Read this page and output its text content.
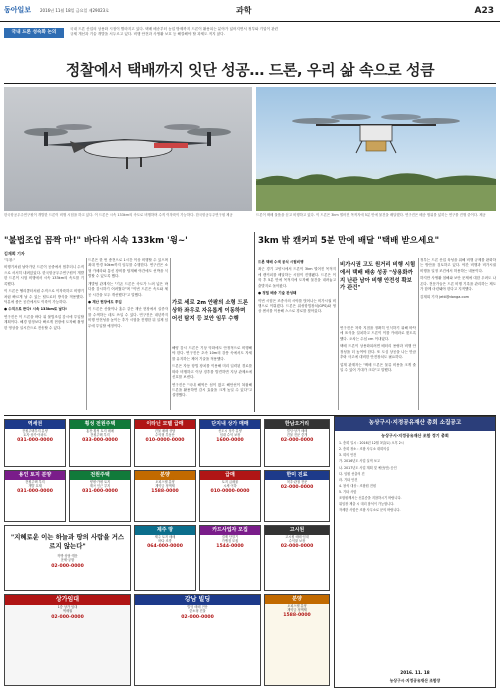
동아일보 2016년 11월 18일 금요일 제29023호	과학	A23
국내 드론 성숙화 논의
국내 드론 산업의 상용화 시점이 빨라지고 있다. 택배 배송부터 농업 방제까지 드론이 활용되는 분야가 넓어지면서 정부와 기업이 관련 규제 개선과 기술 개발을 서두르고 있다. 비행 안전과 사생활 보호 등 해결해야 할 과제도 적지 않다.
정찰에서 택배까지 잇단 성공… 드론, 우리 삶 속으로 성큼
한국항공우주연구원이 개발한 드론이 비행 시험을 하고 있다. 이 드론은 시속 133km의 속도로 비행하며 수직 이착륙이 가능하다. 한국항공우주연구원 제공	드론이 택배 물품을 싣고 비행하고 있다. 이 드론은 3km 떨어진 목적지에 5분 만에 물건을 배달했다. 연구진은 배송 범위를 넓히는 연구를 진행 중이다. 제공
"불법조업 꼼짝 마!" 바다위 시속 133km '윙~'
김재희 기자

"우왕."

비행기처럼 날아가던 드론이 공중에서 멈추더니 수직으로 서서히 내려앉았다. 한국항공우주연구원이 개발한 드론이 시험 비행에서 시속 133km의 속도를 기록했다.

이 드론은 헬리콥터처럼 수직으로 이착륙하고 비행기처럼 빠르게 날 수 있는 틸트로터 방식을 적용했다. 덕분에 좁은 공간에서도 이륙이 가능하다.

● 수직으로 뜬다! 시속 133km로 날다!

연구진은 이 드론을 바다 위 불법조업 감시에 투입할 계획이다. 해경 함정보다 빠르게 현장에 도착해 촬영한 영상을 실시간으로 전송할 수 있다.

드론은 한 번 충전으로 1시간 이상 비행할 수 있으며 최대 반경 50km까지 임무를 수행한다. 연구진은 소형 카메라와 통신 장비를 탑재해 야간에도 선박을 식별할 수 있도록 했다.

개발팀 관계자는 "기존 드론은 속도가 느려 넓은 바다를 감시하기 어려웠다"며 "이번 드론은 속도와 체공 시간을 모두 개선했다"고 말했다.

● 재난 현장에도 투입

이 드론은 산불이나 홍수 같은 재난 현장에서 실종자를 수색하는 데도 쓰일 수 있다. 연구진은 내년까지 비행 안전성을 높이는 추가 시험을 진행한 뒤 실제 임무에 투입할 예정이다.

가로 세로 2m 안팎의 소형 드론 상하 좌우로 자유롭게 이동하며 어선 탐지 등 보안 임무 수행

해양 감시 드론은 기상 악화에도 안정적으로 비행해야 한다. 연구진은 초속 10m의 강풍 속에서도 자세를 유지하는 제어 기술을 적용했다.

드론은 자동 항법 장치를 이용해 미리 입력된 경로를 따라 비행하고 이상 징후를 발견하면 지상 관제소에 신호를 보낸다.

연구진은 "국내 해역은 섬이 많고 해안선이 복잡해 드론을 활용하면 감시 효율을 크게 높일 수 있다"고 설명했다.

3km 밖 캔커피 5분 만에 배달 "택배 받으세요"

드론 택배 수색 공식 시험비행

최근 경기 고양시에서 드론이 3km 떨어진 목적지에 캔커피를 배달하는 시험이 진행됐다. 드론은 이륙 후 5분 만에 목적지에 도착해 물건을 내려놓고 출발지로 돌아왔다.

● 정밀 배송 기술 완성돼

이번 시험은 조종사의 시야를 벗어나는 비가시권 비행으로 이뤄졌다. 드론은 위성항법장치(GPS)와 영상 센서를 이용해 스스로 경로를 찾아갔다.

비가시권 고도 원거리 비행 시험에서 택배 배송 성공 "상용화까지 난관 남아 비행 안전성 확보가 관건"

연구진은 착륙 지점을 정확히 인식하기 위해 바닥에 표식을 설치하고 드론이 이를 카메라로 찾도록 했다. 오차는 수십 cm 이내였다.

택배 드론이 상용화되려면 배터리 용량과 비행 안정성을 더 높여야 한다. 또 도심 상공을 나는 만큼 추락 사고에 대비한 안전장치도 필요하다.

업계 관계자는 "택배 드론은 물류 비용을 크게 줄일 수 있어 기대가 크다"고 말했다.

정부는 드론 산업 육성을 위해 비행 규제를 완화하는 방안을 검토하고 있다. 야간 비행과 비가시권 비행을 일정 조건에서 허용하는 내용이다.

하지만 사생활 침해와 보안 문제에 대한 우려도 나온다. 전문가들은 드론 비행 기록을 관리하는 제도가 함께 마련돼야 한다고 지적했다.

김재희 기자 jetti@donga.com

역세권
전원주택부지 분양
토지·상가·아파트
031-000-0000
횡성 전원주택
홍천·횡성 토지 매매
전원주택 부지
033-000-0000
이타닌 모텔 급매
건물 매매 상담
수익형 부동산
010-0000-0000
단지내 상가 매매
신도시 상가 분양
임대 수익 보장
1600-0000
한남오거리
빌딩·상가 매매
건물 전문 중개
02-000-0000
용인 토지 분양
전원주택 부지
개발 호재
031-000-0000
전원주택
양평·가평 토지
계곡 인근 부지
031-000-0000
분양
오피스텔 분양
계약금 정액제
1588-0000
급매
토지 급매물
시세 이하
010-0000-0000
한미 진료
척추·관절 전문
02-000-0000
"지혜로운 이는 하늘과 땅의 사람을 거스르지 않는다"
작명·상담·개운
운세·궁합
02-000-0000
제주 땅
제주 토지 매매
바다 조망
064-000-0000
카드사업자 모집
결제 단말기
가맹점 모집
1544-0000
고시원
고시원 매매·임대
수익률 보장
02-000-0000
상가임대
1층 상가 임대
역세권
02-000-0000
강남 빌딩
빌딩 매매 전문
중소형 건물
02-000-0000
분양
오피스텔 분양
계약금 정액제
1588-0000
농상구시·지정공유재산 총회 소집공고
농상구시·지정공유재산 조합 정기 총회

1. 총회 일시 : 2016년 12월 3일(토) 오후 2시

2. 총회 장소 : 조합 사무소 대회의실

3. 회의 안건

가. 2016년도 사업 실적 보고

나. 2017년도 사업 계획 및 예산(안) 승인

다. 임원 선출의 건

라. 기타 안건

4. 참석 대상 : 조합원 전원

5. 기타 사항

조합원께서는 신분증을 지참하시기 바랍니다.

위임장 제출 시 대리 참석이 가능합니다.

자세한 사항은 조합 사무소로 문의 바랍니다.

2016. 11. 18
농상구시·지정공유재산 조합장
